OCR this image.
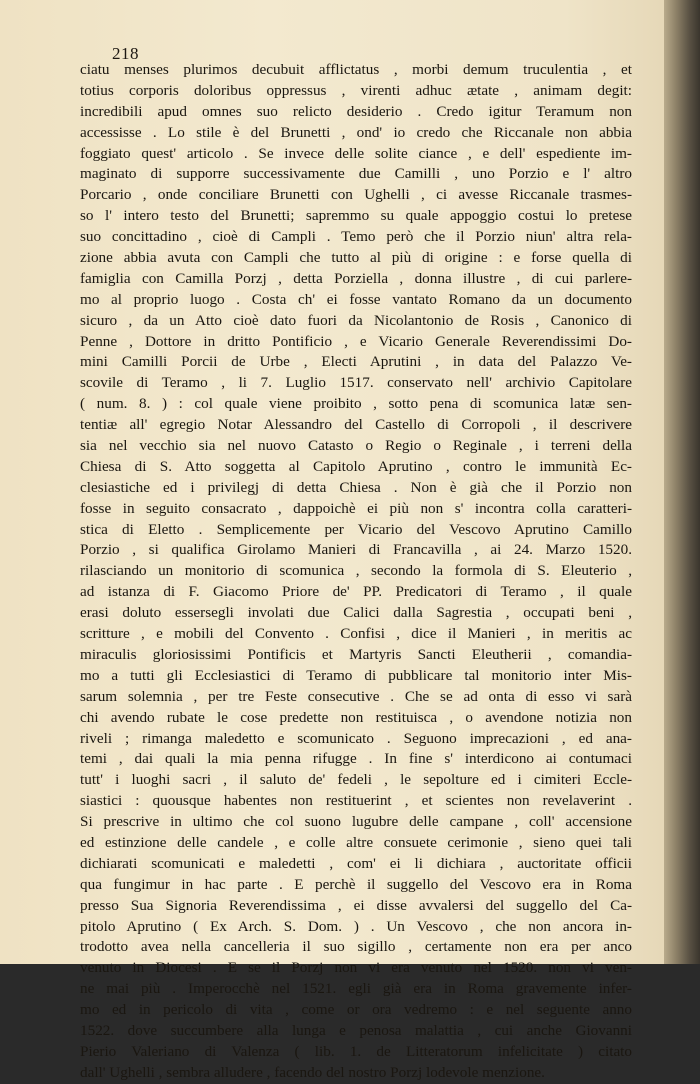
218
ciatu menses plurimos decubuit afflictatus , morbi demum truculentia , et
totius corporis doloribus oppressus , virenti adhuc ætate , animam degit:
incredibili apud omnes suo relicto desiderio . Credo igitur Teramum non
accessisse . Lo stile è del Brunetti , ond' io credo che Riccanale non abbia
foggiato quest' articolo . Se invece delle solite ciance , e dell' espediente im-
maginato di supporre successivamente due Camilli , uno Porzio e l' altro
Porcario , onde conciliare Brunetti con Ughelli , ci avesse Riccanale trasmes-
so l' intero testo del Brunetti; sapremmo su quale appoggio costui lo pretese
suo concittadino , cioè di Campli . Temo però che il Porzio niun' altra rela-
zione abbia avuta con Campli che tutto al più di origine : e forse quella di
famiglia con Camilla Porzj , detta Porziella , donna illustre , di cui parlere-
mo al proprio luogo . Costa ch' ei fosse vantato Romano da un documento
sicuro , da un Atto cioè dato fuori da Nicolantonio de Rosis , Canonico di
Penne , Dottore in dritto Pontificio , e Vicario Generale Reverendissimi Do-
mini Camilli Porcii de Urbe , Electi Aprutini , in data del Palazzo Ve-
scovile di Teramo , li 7. Luglio 1517. conservato nell' archivio Capitolare
( num. 8. ) : col quale viene proibito , sotto pena di scomunica latæ sen-
tentiæ all' egregio Notar Alessandro del Castello di Corropoli , il descrivere
sia nel vecchio sia nel nuovo Catasto o Regio o Reginale , i terreni della
Chiesa di S. Atto soggetta al Capitolo Aprutino , contro le immunità Ec-
clesiastiche ed i privilegj di detta Chiesa . Non è già che il Porzio non
fosse in seguito consacrato , dappoichè ei più non s' incontra colla caratteri-
stica di Eletto . Semplicemente per Vicario del Vescovo Aprutino Camillo
Porzio , si qualifica Girolamo Manieri di Francavilla , ai 24. Marzo 1520.
rilasciando un monitorio di scomunica , secondo la formola di S. Eleuterio ,
ad istanza di F. Giacomo Priore de' PP. Predicatori di Teramo , il quale
erasi doluto essersegli involati due Calici dalla Sagrestia , occupati beni ,
scritture , e mobili del Convento . Confisi , dice il Manieri , in meritis ac
miraculis gloriosissimi Pontificis et Martyris Sancti Eleutherii , comandia-
mo a tutti gli Ecclesiastici di Teramo di pubblicare tal monitorio inter Mis-
sarum solemnia , per tre Feste consecutive . Che se ad onta di esso vi sarà
chi avendo rubate le cose predette non restituisca , o avendone notizia non
riveli ; rimanga maledetto e scomunicato . Seguono imprecazioni , ed ana-
temi , dai quali la mia penna rifugge . In fine s' interdicono ai contumaci
tutt' i luoghi sacri , il saluto de' fedeli , le sepolture ed i cimiteri Eccle-
siastici : quousque habentes non restituerint , et scientes non revelaverint .
Si prescrive in ultimo che col suono lugubre delle campane , coll' accensione
ed estinzione delle candele , e colle altre consuete cerimonie , sieno quei tali
dichiarati scomunicati e maledetti , com' ei li dichiara , auctoritate officii
qua fungimur in hac parte . E perchè il suggello del Vescovo era in Roma
presso Sua Signoria Reverendissima , ei disse avvalersi del suggello del Ca-
pitolo Aprutino ( Ex Arch. S. Dom. ) . Un Vescovo , che non ancora in-
trodotto avea nella cancelleria il suo sigillo , certamente non era per anco
venuto in Diocesi . E se il Porzj non vi era venuto nel 1520. non vi ven-
ne mai più . Imperocchè nel 1521. egli già era in Roma gravemente infer-
mo ed in pericolo di vita , come or ora vedremo : e nel seguente anno
1522. dove succumbere alla lunga e penosa malattia , cui anche Giovanni
Pierio Valeriano di Valenza ( lib. 1. de Litteratorum infelicitate ) citato
dall' Ughelli , sembra alludere , facendo del nostro Porzj lodevole menzione.
